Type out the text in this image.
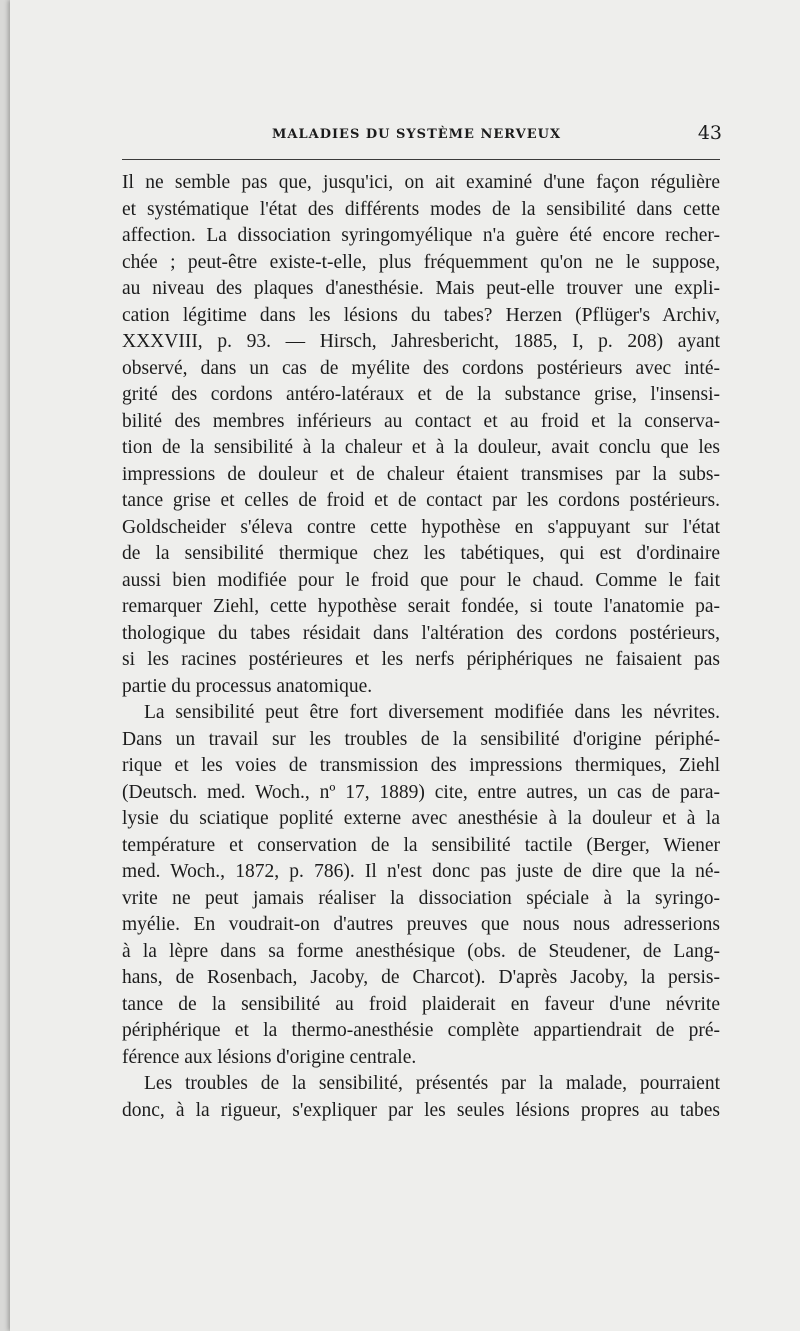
MALADIES DU SYSTÈME NERVEUX	43
Il ne semble pas que, jusqu'ici, on ait examiné d'une façon régulière
et systématique l'état des différents modes de la sensibilité dans cette
affection. La dissociation syringomyélique n'a guère été encore recher-
chée ; peut-être existe-t-elle, plus fréquemment qu'on ne le suppose,
au niveau des plaques d'anesthésie. Mais peut-elle trouver une expli-
cation légitime dans les lésions du tabes? Herzen (Pflüger's Archiv,
XXXVIII, p. 93. — Hirsch, Jahresbericht, 1885, I, p. 208) ayant
observé, dans un cas de myélite des cordons postérieurs avec inté-
grité des cordons antéro-latéraux et de la substance grise, l'insensi-
bilité des membres inférieurs au contact et au froid et la conserva-
tion de la sensibilité à la chaleur et à la douleur, avait conclu que les
impressions de douleur et de chaleur étaient transmises par la subs-
tance grise et celles de froid et de contact par les cordons postérieurs.
Goldscheider s'éleva contre cette hypothèse en s'appuyant sur l'état
de la sensibilité thermique chez les tabétiques, qui est d'ordinaire
aussi bien modifiée pour le froid que pour le chaud. Comme le fait
remarquer Ziehl, cette hypothèse serait fondée, si toute l'anatomie pa-
thologique du tabes résidait dans l'altération des cordons postérieurs,
si les racines postérieures et les nerfs périphériques ne faisaient pas
partie du processus anatomique.
La sensibilité peut être fort diversement modifiée dans les névrites.
Dans un travail sur les troubles de la sensibilité d'origine périphé-
rique et les voies de transmission des impressions thermiques, Ziehl
(Deutsch. med. Woch., nº 17, 1889) cite, entre autres, un cas de para-
lysie du sciatique poplité externe avec anesthésie à la douleur et à la
température et conservation de la sensibilité tactile (Berger, Wiener
med. Woch., 1872, p. 786). Il n'est donc pas juste de dire que la né-
vrite ne peut jamais réaliser la dissociation spéciale à la syringo-
myélie. En voudrait-on d'autres preuves que nous nous adresserions
à la lèpre dans sa forme anesthésique (obs. de Steudener, de Lang-
hans, de Rosenbach, Jacoby, de Charcot). D'après Jacoby, la persis-
tance de la sensibilité au froid plaiderait en faveur d'une névrite
périphérique et la thermo-anesthésie complète appartiendrait de pré-
férence aux lésions d'origine centrale.
Les troubles de la sensibilité, présentés par la malade, pourraient
donc, à la rigueur, s'expliquer par les seules lésions propres au tabes
